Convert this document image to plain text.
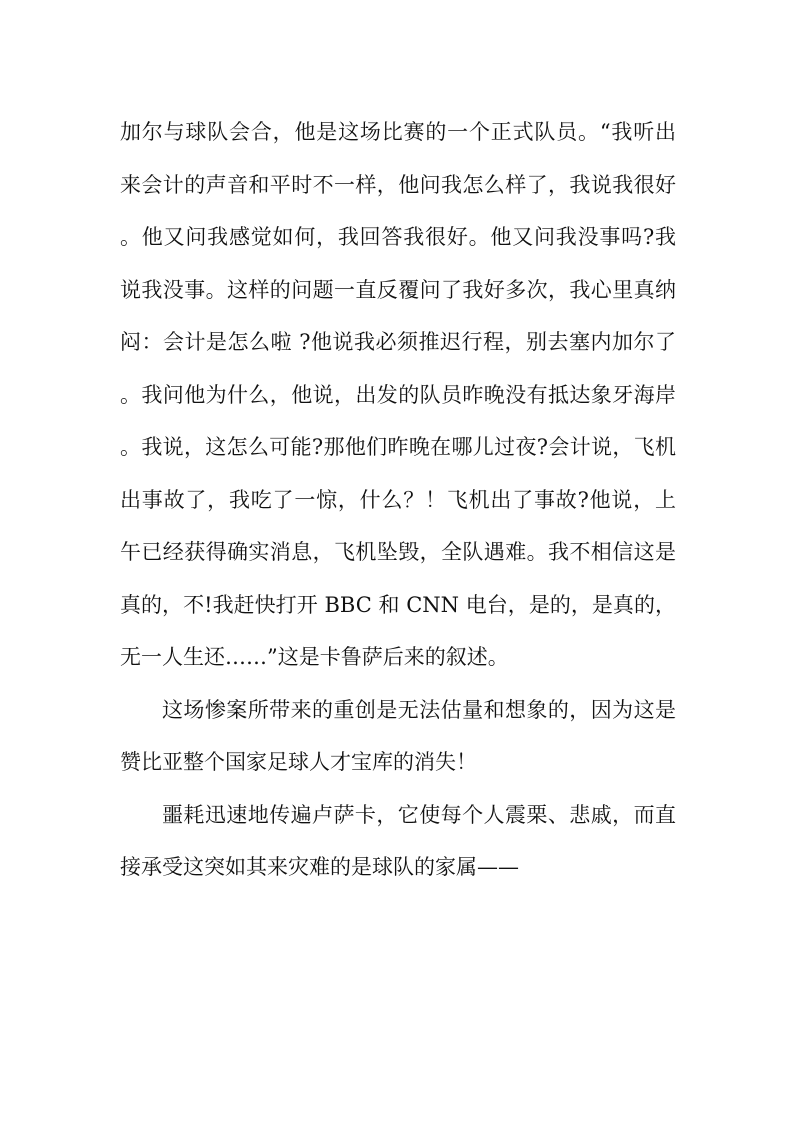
加尔与球队会合，他是这场比赛的一个正式队员。“我听出来会计的声音和平时不一样，他问我怎么样了，我说我很好。他又问我感觉如何，我回答我很好。他又问我没事吗?我说我没事。这样的问题一直反覆问了我好多次，我心里真纳闷：会计是怎么啦 ?他说我必须推迟行程，别去塞内加尔了。我问他为什么，他说，出发的队员昨晚没有抵达象牙海岸。我说，这怎么可能?那他们昨晚在哪儿过夜?会计说，飞机出事故了，我吃了一惊，什么？！飞机出了事故?他说，上午已经获得确实消息，飞机坠毁，全队遇难。我不相信这是真的，不!我赶快打开 BBC 和 CNN 电台，是的，是真的，无一人生还……”这是卡鲁萨后来的叙述。

这场惨案所带来的重创是无法估量和想象的，因为这是赞比亚整个国家足球人才宝库的消失！

噩耗迅速地传遍卢萨卡，它使每个人震栗、悲戚，而直接承受这突如其来灾难的是球队的家属——
